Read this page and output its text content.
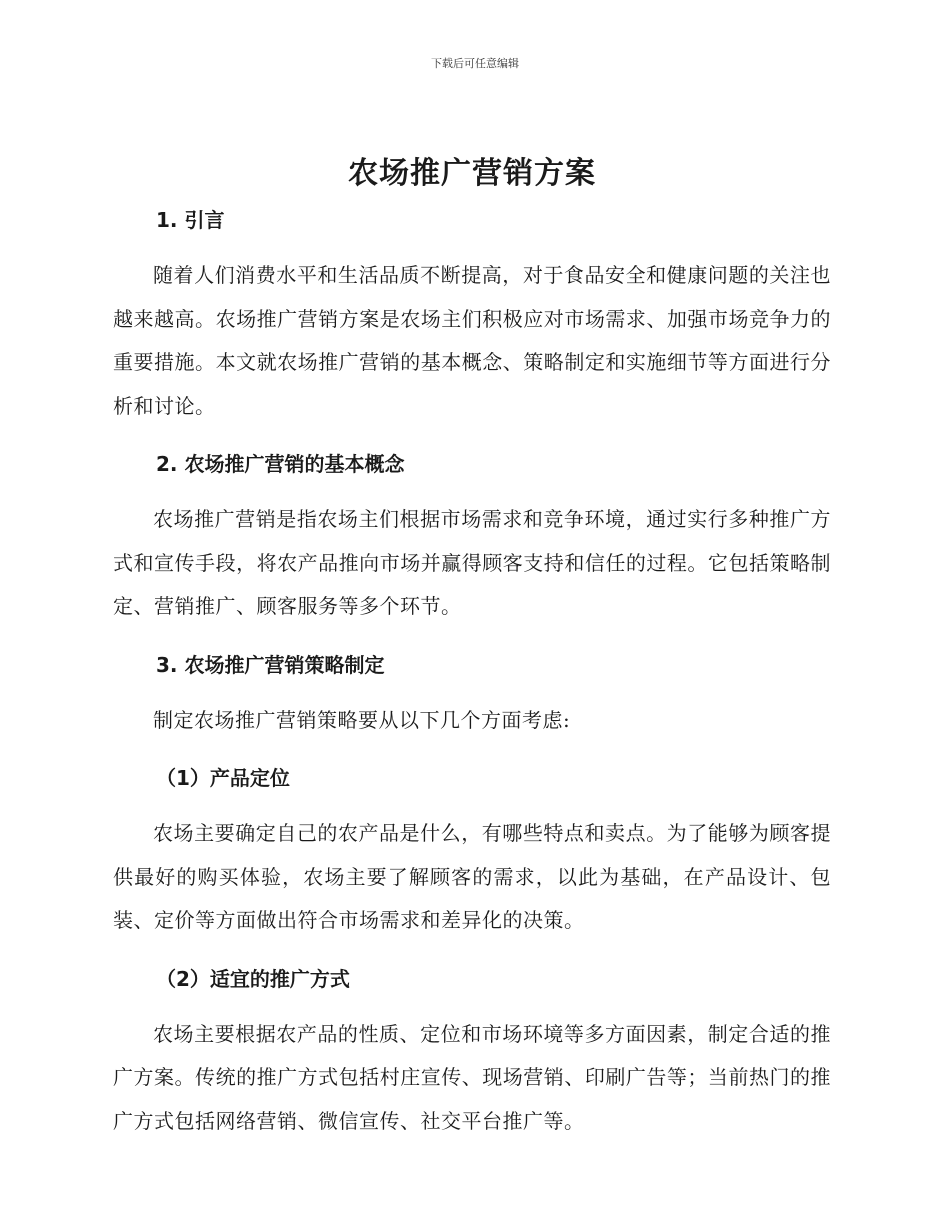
下载后可任意编辑
农场推广营销方案
1. 引言

随着人们消费水平和生活品质不断提高，对于食品安全和健康问题的关注也越来越高。农场推广营销方案是农场主们积极应对市场需求、加强市场竞争力的重要措施。本文就农场推广营销的基本概念、策略制定和实施细节等方面进行分析和讨论。

2. 农场推广营销的基本概念

农场推广营销是指农场主们根据市场需求和竞争环境，通过实行多种推广方式和宣传手段，将农产品推向市场并赢得顾客支持和信任的过程。它包括策略制定、营销推广、顾客服务等多个环节。

3. 农场推广营销策略制定

制定农场推广营销策略要从以下几个方面考虑:

（1）产品定位

农场主要确定自己的农产品是什么，有哪些特点和卖点。为了能够为顾客提供最好的购买体验，农场主要了解顾客的需求，以此为基础，在产品设计、包装、定价等方面做出符合市场需求和差异化的决策。

（2）适宜的推广方式

农场主要根据农产品的性质、定位和市场环境等多方面因素，制定合适的推广方案。传统的推广方式包括村庄宣传、现场营销、印刷广告等；当前热门的推广方式包括网络营销、微信宣传、社交平台推广等。
